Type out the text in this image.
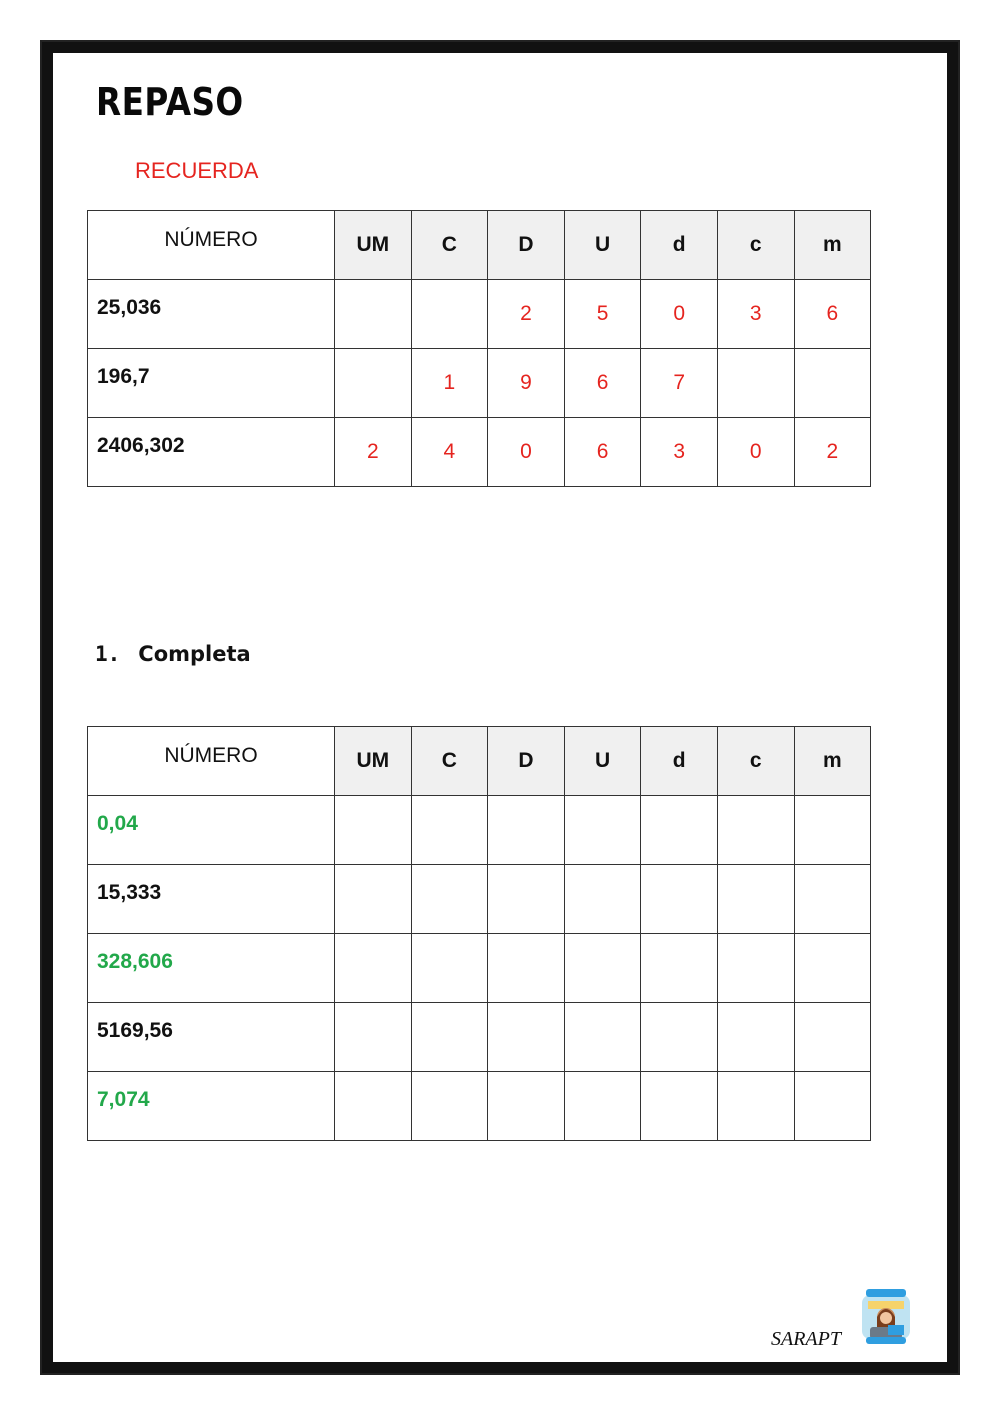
REPASO

RECUERDA

NÚMERO	UM	C	D	U	d	c	m
25,036			2	5	0	3	6
196,7		1	9	6	7		
2406,302	2	4	0	6	3	0	2

1. Completa

NÚMERO	UM	C	D	U	d	c	m
0,04							
15,333							
328,606							
5169,56							
7,074							

SARAPT
